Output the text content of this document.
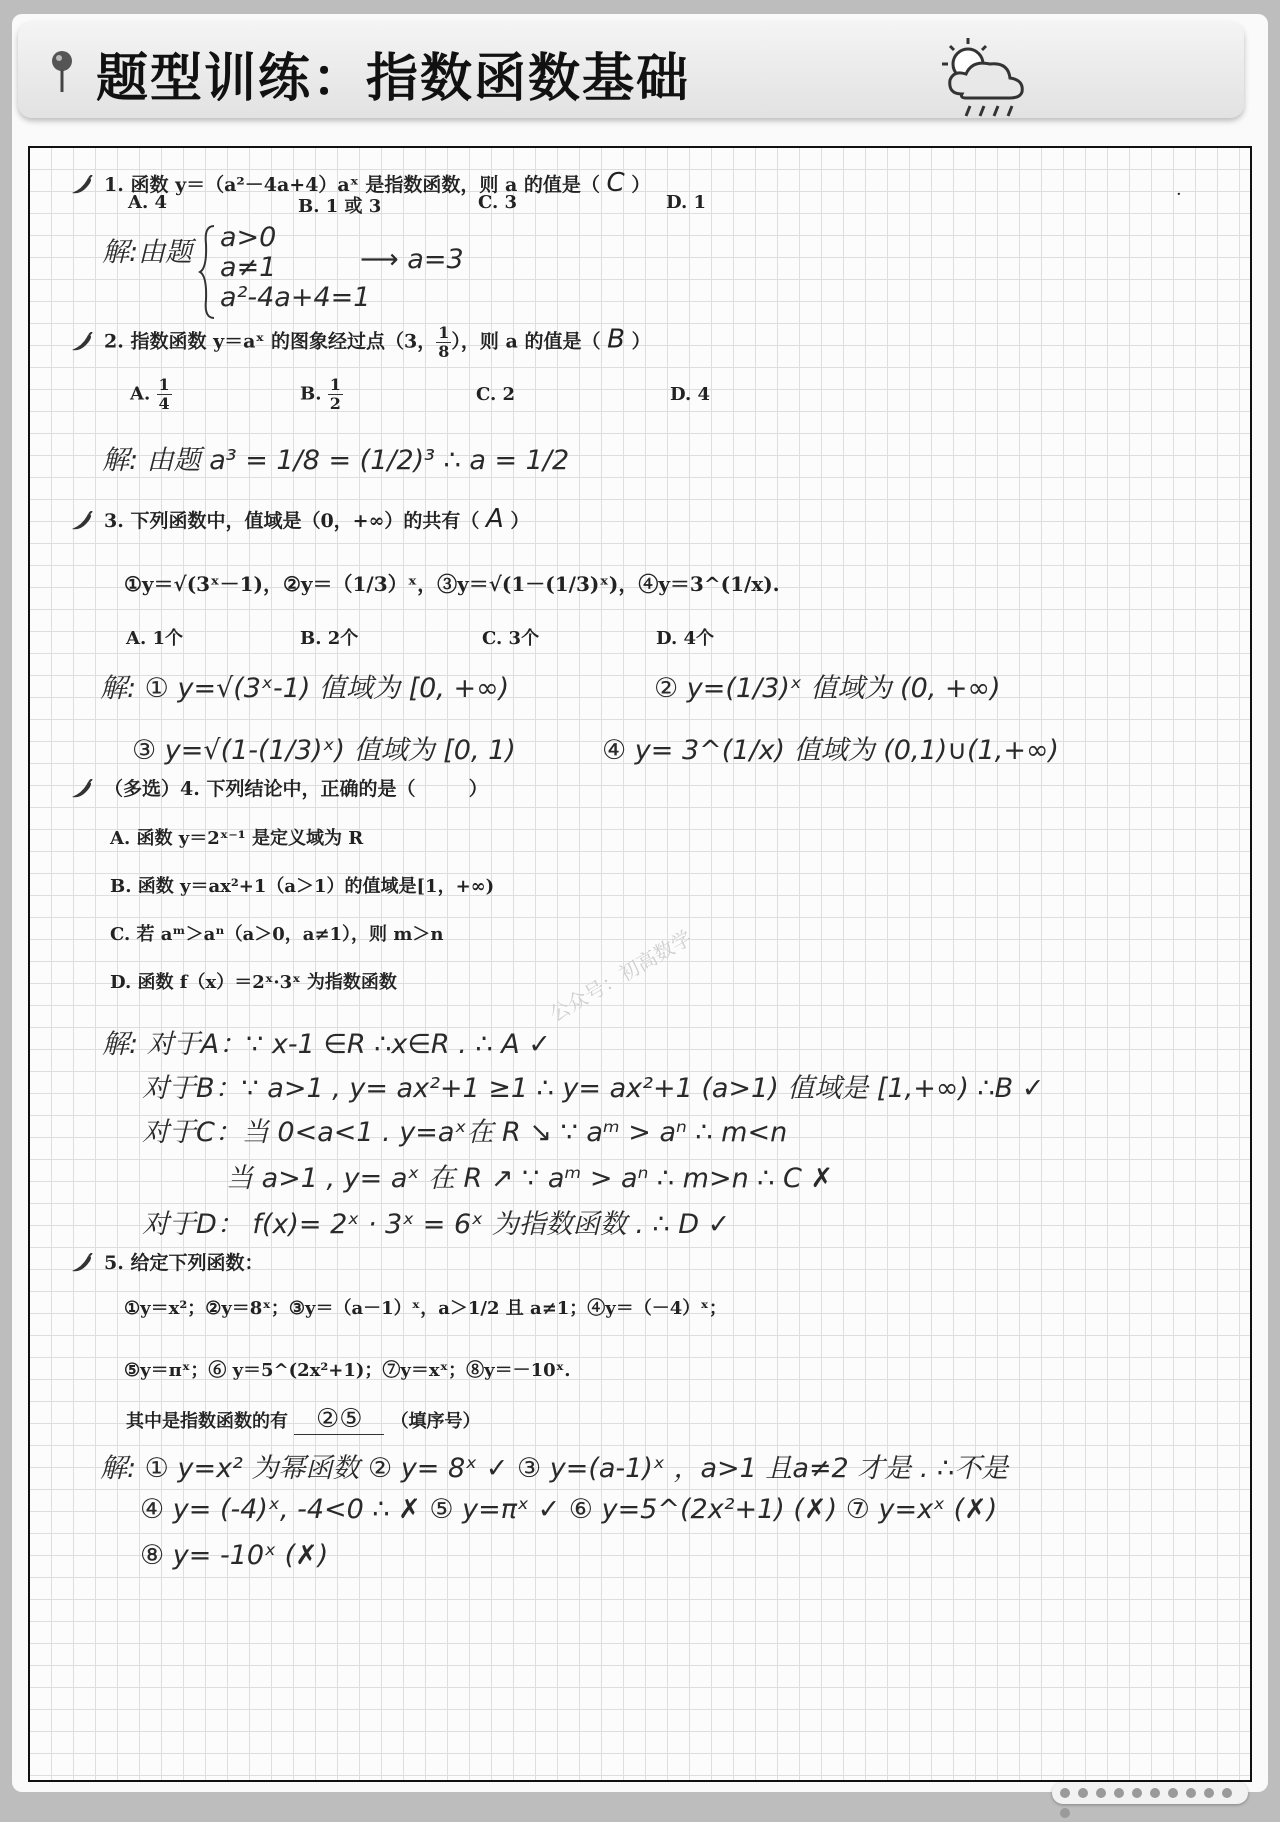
题型训练：指数函数基础
1. 函数 y＝（a²－4a+4）aˣ 是指数函数，则 a 的值是（ C ）
A. 4	B. 1 或 3	C. 3	D. 1
解:由题 a>0
a≠1
a²-4a+4=1
⟶ a=3
·
2. 指数函数 y＝aˣ 的图象经过点（3， $\frac{1}{8}$ ），则 a 的值是（ B ）
A. $\frac{1}{4}$	B. $\frac{1}{2}$	C. 2	D. 4
解: 由题 a³ = 1/8 = (1/2)³ ∴ a = 1/2
3. 下列函数中，值域是（0，+∞）的共有（ A ）
①y＝√(3ˣ－1)，②y＝（1/3）ˣ，③y＝√(1－(1/3)ˣ)，④y＝3^(1/x).
A. 1个	B. 2个	C. 3个	D. 4个
解: ① y=√(3ˣ-1) 值域为 [0, +∞)	② y=(1/3)ˣ 值域为 (0, +∞)
③ y=√(1-(1/3)ˣ) 值域为 [0, 1)	④ y= 3^(1/x) 值域为 (0,1)∪(1,+∞)
（多选）4. 下列结论中，正确的是（	）
公众号：初高数学
A. 函数 y＝2ˣ⁻¹ 是定义域为 R
B. 函数 y＝ax²+1（a＞1）的值域是[1，+∞)
C. 若 aᵐ＞aⁿ（a＞0，a≠1），则 m＞n
D. 函数 f（x）＝2ˣ·3ˣ 为指数函数
解: 对于A：∵ x-1 ∈R ∴x∈R . ∴ A ✓
对于B：∵ a>1 , y= ax²+1 ≥1 ∴ y= ax²+1 (a>1) 值域是 [1,+∞) ∴B ✓
对于C：当 0<a<1 . y=aˣ在 R ↘ ∵ aᵐ > aⁿ ∴ m<n
当 a>1 , y= aˣ 在 R ↗ ∵ aᵐ > aⁿ ∴ m>n ∴ C ✗
对于D： f(x)= 2ˣ · 3ˣ = 6ˣ 为指数函数 . ∴ D ✓
5. 给定下列函数：
①y＝x²；②y＝8ˣ；③y＝（a－1）ˣ，a＞1/2 且 a≠1；④y＝（－4）ˣ；
⑤y＝πˣ；⑥ y＝5^(2x²+1)；⑦y＝xˣ；⑧y＝－10ˣ.
其中是指数函数的有 ②⑤ （填序号）
解: ① y=x² 为幂函数 ② y= 8ˣ ✓ ③ y=(a-1)ˣ ，a>1 且a≠2 才是 . ∴不是
④ y= (-4)ˣ, -4<0 ∴ ✗ ⑤ y=πˣ ✓ ⑥ y=5^(2x²+1) (✗) ⑦ y=xˣ (✗)
⑧ y= -10ˣ (✗)
